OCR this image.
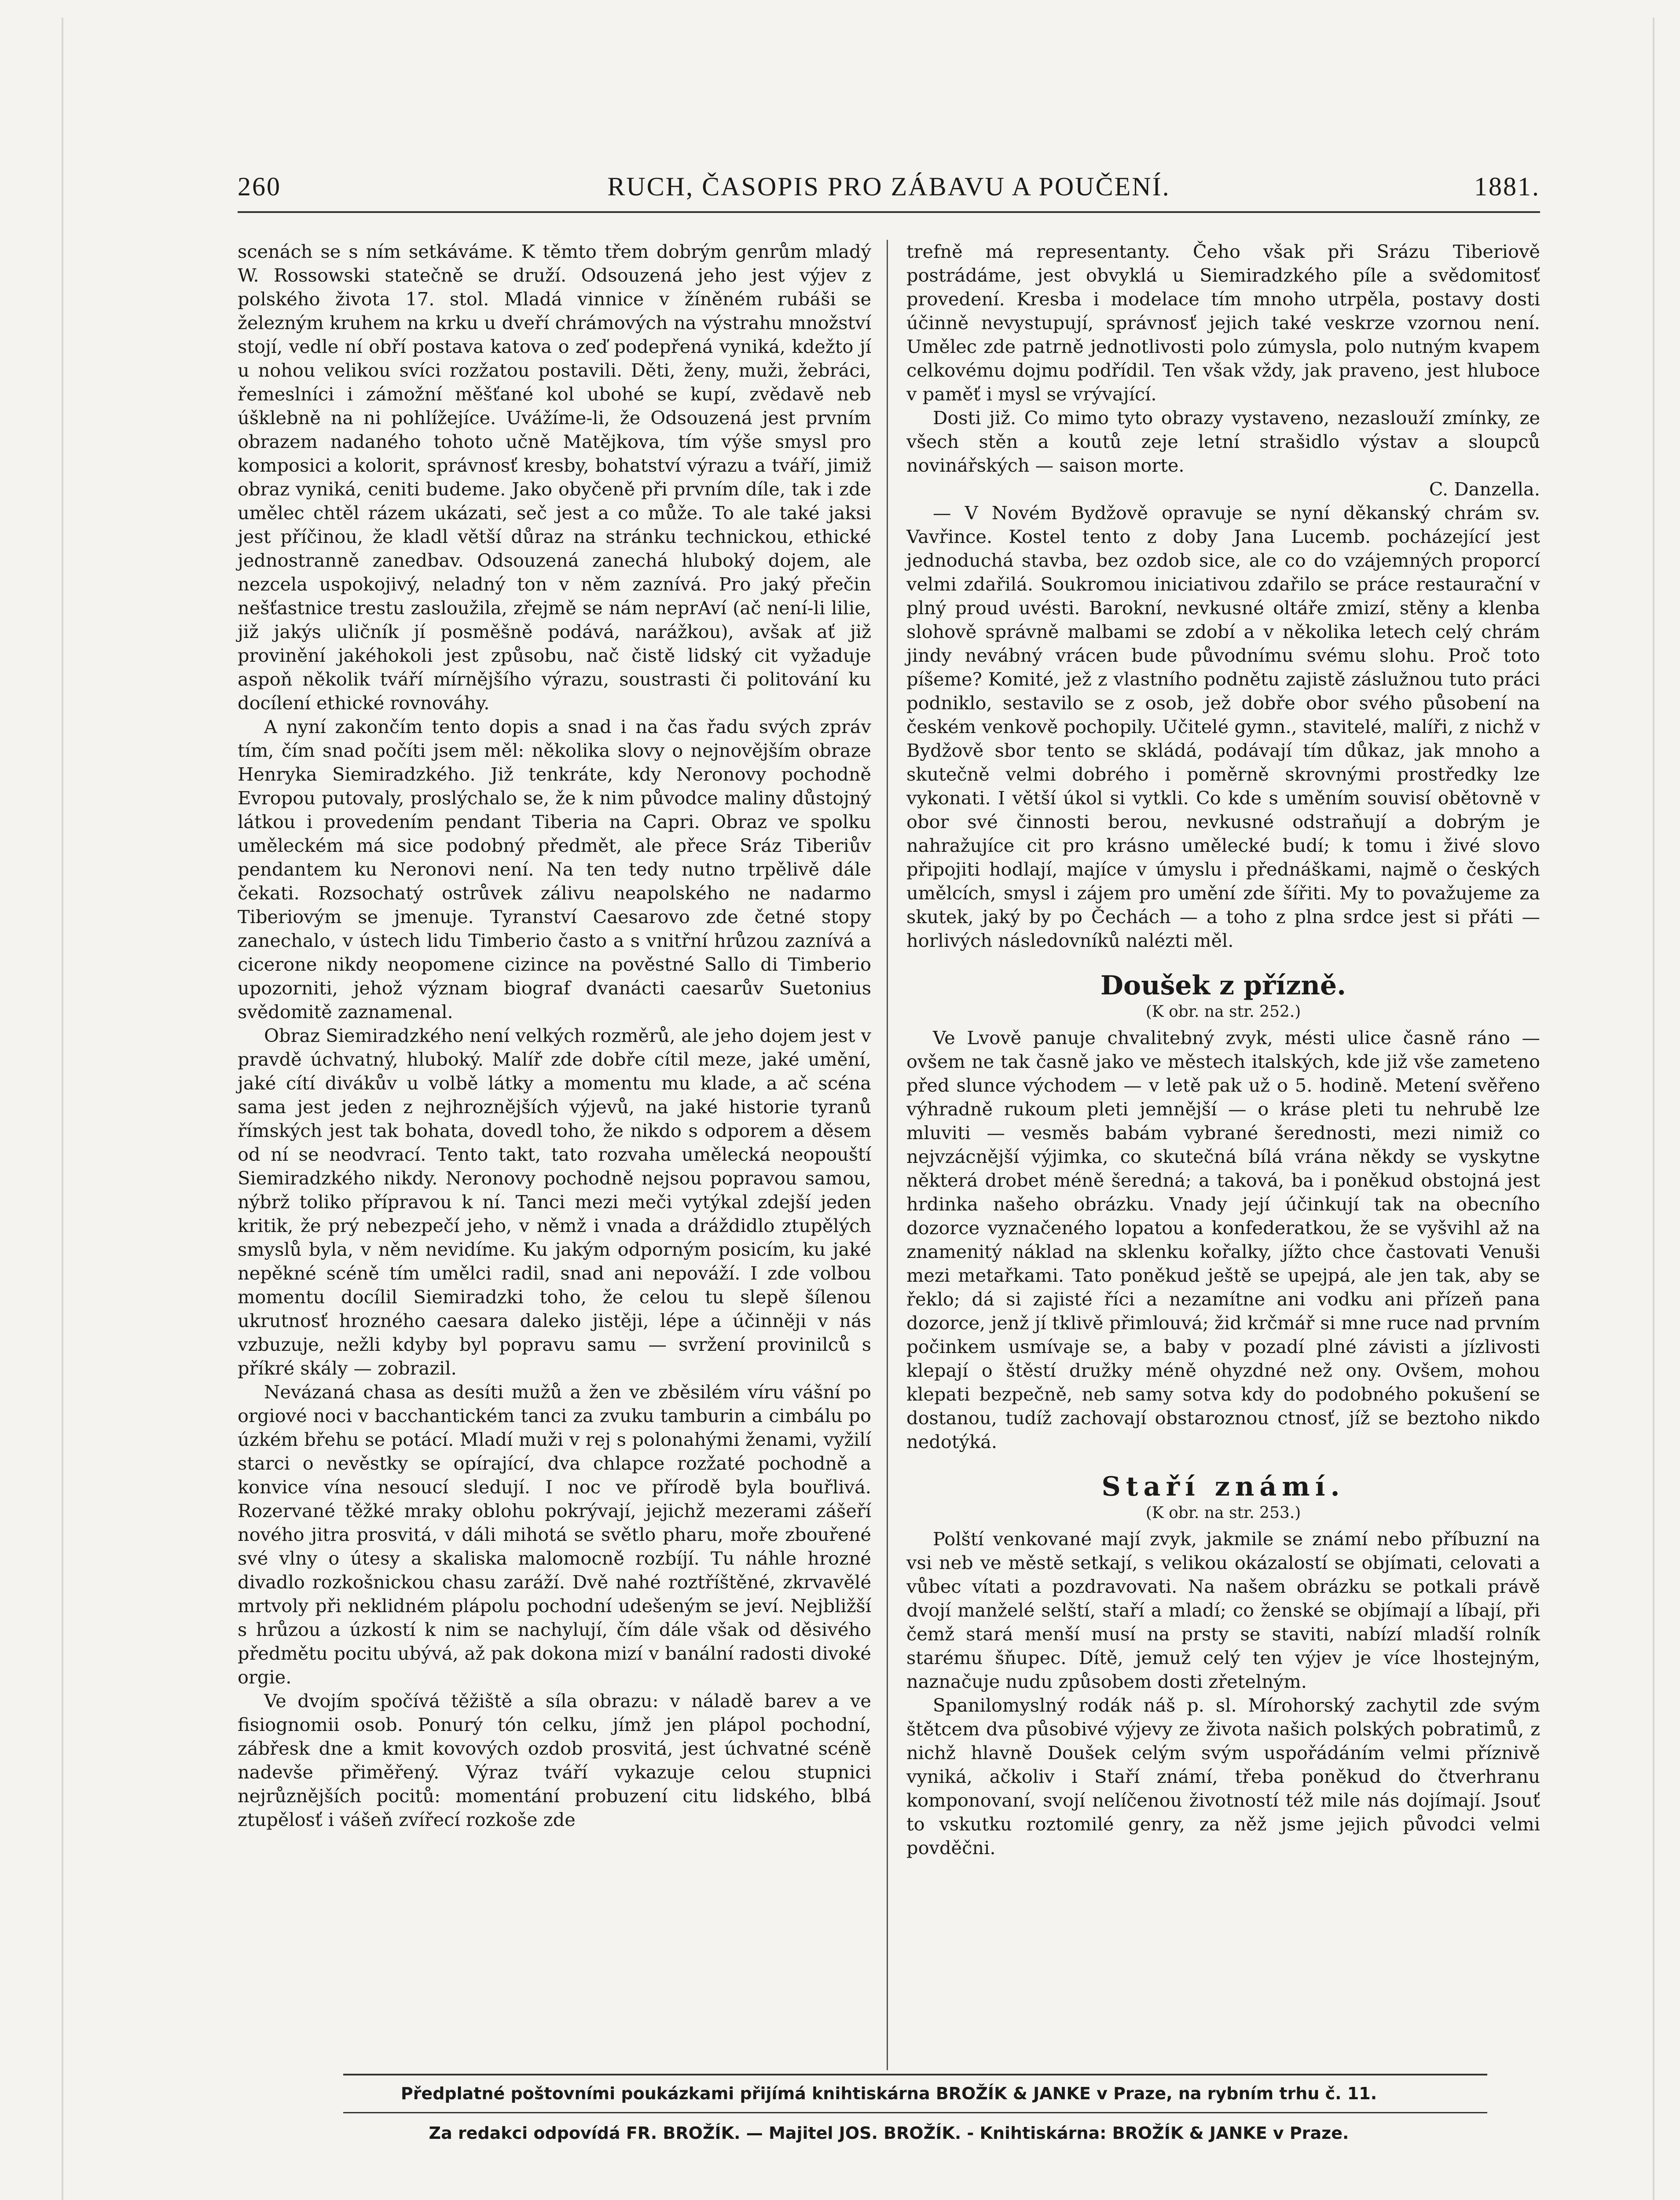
RUCH, ČASOPIS PRO ZÁBAVU A POUČENÍ.
260	1881.

scenách se s ním setkáváme. K těmto třem dobrým genrům mladý W. Rossowski statečně se druží. Odsouzená jeho jest výjev z polského života 17. stol. Mladá vinnice v žíněném rubáši se železným kruhem na krku u dveří chrámových na výstrahu množství stojí, vedle ní obří postava katova o zeď podepřená vyniká, kdežto jí u nohou velikou svíci rozžatou postavili. Děti, ženy, muži, žebráci, řemeslníci i zámožní měšťané kol ubohé se kupí, zvědavě neb úšklebně na ni pohlížejíce. Uvážíme-li, že Odsouzená jest prvním obrazem nadaného tohoto učně Matějkova, tím výše smysl pro komposici a kolorit, správnosť kresby, bohatství výrazu a tváří, jimiž obraz vyniká, ceniti budeme. Jako obyčeně při prvním díle, tak i zde umělec chtěl rázem ukázati, seč jest a co může. To ale také jaksi jest příčinou, že kladl větší důraz na stránku technickou, ethické jednostranně zanedbav. Odsouzená zanechá hluboký dojem, ale nezcela uspokojivý, neladný ton v něm zaznívá. Pro jaký přečin nešťastnice trestu zasloužila, zřejmě se nám neprAví (ač není-li lilie, již jakýs uličník jí posměšně podává, narážkou), avšak ať již provinění jakéhokoli jest způsobu, nač čistě lidský cit vyžaduje aspoň několik tváří mírnějšího výrazu, soustrasti či politování ku docílení ethické rovnováhy.

A nyní zakončím tento dopis a snad i na čas řadu svých zpráv tím, čím snad počíti jsem měl: několika slovy o nejnovějším obraze Henryka Siemiradzkého. Již tenkráte, kdy Neronovy pochodně Evropou putovaly, proslýchalo se, že k nim původce maliny důstojný látkou i provedením pendant Tiberia na Capri. Obraz ve spolku uměleckém má sice podobný předmět, ale přece Sráz Tiberiův pendantem ku Neronovi není. Na ten tedy nutno trpělivě dále čekati. Rozsochatý ostrůvek zálivu neapolského ne nadarmo Tiberiovým se jmenuje. Tyranství Caesarovo zde četné stopy zanechalo, v ústech lidu Timberio často a s vnitřní hrůzou zaznívá a cicerone nikdy neopomene cizince na pověstné Sallo di Timberio upozorniti, jehož význam biograf dvanácti caesarův Suetonius svědomitě zaznamenal.

Obraz Siemiradzkého není velkých rozměrů, ale jeho dojem jest v pravdě úchvatný, hluboký. Malíř zde dobře cítil meze, jaké umění, jaké cítí divákův u volbě látky a momentu mu klade, a ač scéna sama jest jeden z nejhroznějších výjevů, na jaké historie tyranů římských jest tak bohata, dovedl toho, že nikdo s odporem a děsem od ní se neodvrací. Tento takt, tato rozvaha umělecká neopouští Siemiradzkého nikdy. Neronovy pochodně nejsou popravou samou, nýbrž toliko přípravou k ní. Tanci mezi meči vytýkal zdejší jeden kritik, že prý nebezpečí jeho, v němž i vnada a dráždidlo ztupělých smyslů byla, v něm nevidíme. Ku jakým odporným posicím, ku jaké nepěkné scéně tím umělci radil, snad ani nepováží. I zde volbou momentu docílil Siemiradzki toho, že celou tu slepě šílenou ukrutnosť hrozného caesara daleko jistěji, lépe a účinněji v nás vzbuzuje, nežli kdyby byl popravu samu — svržení provinilců s příkré skály — zobrazil.

Nevázaná chasa as desíti mužů a žen ve zběsilém víru vášní po orgiové noci v bacchantickém tanci za zvuku tamburin a cimbálu po úzkém břehu se potácí. Mladí muži v rej s polonahými ženami, vyžilí starci o nevěstky se opírající, dva chlapce rozžaté pochodně a konvice vína nesoucí sledují. I noc ve přírodě byla bouřlivá. Rozervané těžké mraky oblohu pokrývají, jejichž mezerami zášeří nového jitra prosvitá, v dáli mihotá se světlo pharu, moře zbouřené své vlny o útesy a skaliska malomocně rozbíjí. Tu náhle hrozné divadlo rozkošnickou chasu zaráží. Dvě nahé roztříštěné, zkrvavělé mrtvoly při neklidném plápolu pochodní udešeným se jeví. Nejbližší s hrůzou a úzkostí k nim se nachylují, čím dále však od děsivého předmětu pocitu ubývá, až pak dokona mizí v banální radosti divoké orgie.

Ve dvojím spočívá těžiště a síla obrazu: v náladě barev a ve fisiognomii osob. Ponurý tón celku, jímž jen plápol pochodní, zábřesk dne a kmit kovových ozdob prosvitá, jest úchvatné scéně nadevše přiměřený. Výraz tváří vykazuje celou stupnici nejrůznějších pocitů: momentání probuzení citu lidského, blbá ztupělosť i vášeň zvířecí rozkoše zde

trefně má representanty. Čeho však při Srázu Tiberiově postrádáme, jest obvyklá u Siemiradzkého píle a svědomitosť provedení. Kresba i modelace tím mnoho utrpěla, postavy dosti účinně nevystupují, správnosť jejich také veskrze vzornou není. Umělec zde patrně jednotlivosti polo zúmysla, polo nutným kvapem celkovému dojmu podřídil. Ten však vždy, jak praveno, jest hluboce v paměť i mysl se vrývající.

Dosti již. Co mimo tyto obrazy vystaveno, nezaslouží zmínky, ze všech stěn a koutů zeje letní strašidlo výstav a sloupců novinářských — saison morte.

C. Danzella.

— V Novém Bydžově opravuje se nyní děkanský chrám sv. Vavřince. Kostel tento z doby Jana Lucemb. pocházející jest jednoduchá stavba, bez ozdob sice, ale co do vzájemných proporcí velmi zdařilá. Soukromou iniciativou zdařilo se práce restaurační v plný proud uvésti. Barokní, nevkusné oltáře zmizí, stěny a klenba slohově správně malbami se zdobí a v několika letech celý chrám jindy nevábný vrácen bude původnímu svému slohu. Proč toto píšeme? Komité, jež z vlastního podnětu zajistě záslužnou tuto práci podniklo, sestavilo se z osob, jež dobře obor svého působení na českém venkově pochopily. Učitelé gymn., stavitelé, malíři, z nichž v Bydžově sbor tento se skládá, podávají tím důkaz, jak mnoho a skutečně velmi dobrého i poměrně skrovnými prostředky lze vykonati. I větší úkol si vytkli. Co kde s uměním souvisí obětovně v obor své činnosti berou, nevkusné odstraňují a dobrým je nahražujíce cit pro krásno umělecké budí; k tomu i živé slovo připojiti hodlají, majíce v úmyslu i přednáškami, najmě o českých umělcích, smysl i zájem pro umění zde šířiti. My to považujeme za skutek, jaký by po Čechách — a toho z plna srdce jest si přáti — horlivých následovníků nalézti měl.

Doušek z přízně.
(K obr. na str. 252.)

Ve Lvově panuje chvalitebný zvyk, mésti ulice časně ráno — ovšem ne tak časně jako ve městech italských, kde již vše zameteno před slunce východem — v letě pak už o 5. hodině. Metení svěřeno výhradně rukoum pleti jemnější — o kráse pleti tu nehrubě lze mluviti — vesměs babám vybrané šerednosti, mezi nimiž co nejvzácnější výjimka, co skutečná bílá vrána někdy se vyskytne některá drobet méně šeredná; a taková, ba i poněkud obstojná jest hrdinka našeho obrázku. Vnady její účinkují tak na obecního dozorce vyznačeného lopatou a konfederatkou, že se vyšvihl až na znamenitý náklad na sklenku kořalky, jížto chce častovati Venuši mezi metařkami. Tato poněkud ještě se upejpá, ale jen tak, aby se řeklo; dá si zajisté říci a nezamítne ani vodku ani přízeň pana dozorce, jenž jí tklivě přimlouvá; žid krčmář si mne ruce nad prvním počinkem usmívaje se, a baby v pozadí plné závisti a jízlivosti klepají o štěstí družky méně ohyzdné než ony. Ovšem, mohou klepati bezpečně, neb samy sotva kdy do podobného pokušení se dostanou, tudíž zachovají obstaroznou ctnosť, jíž se beztoho nikdo nedotýká.

Staří známí.
(K obr. na str. 253.)

Polští venkované mají zvyk, jakmile se známí nebo příbuzní na vsi neb ve městě setkají, s velikou okázalostí se objímati, celovati a vůbec vítati a pozdravovati. Na našem obrázku se potkali právě dvojí manželé selští, staří a mladí; co ženské se objímají a líbají, při čemž stará menší musí na prsty se staviti, nabízí mladší rolník starému šňupec. Dítě, jemuž celý ten výjev je více lhostejným, naznačuje nudu způsobem dosti zřetelným.

Spanilomyslný rodák náš p. sl. Mírohorský zachytil zde svým štětcem dva působivé výjevy ze života našich polských pobratimů, z nichž hlavně Doušek celým svým uspořádáním velmi příznivě vyniká, ačkoliv i Staří známí, třeba poněkud do čtverhranu komponovaní, svojí nelíčenou životností též mile nás dojímají. Jsouť to vskutku roztomilé genry, za něž jsme jejich původci velmi povděčni.

Předplatné poštovními poukázkami přijímá knihtiskárna BROŽÍK & JANKE v Praze, na rybním trhu č. 11.
Za redakci odpovídá FR. BROŽÍK. — Majitel JOS. BROŽÍK. - Knihtiskárna: BROŽÍK & JANKE v Praze.
